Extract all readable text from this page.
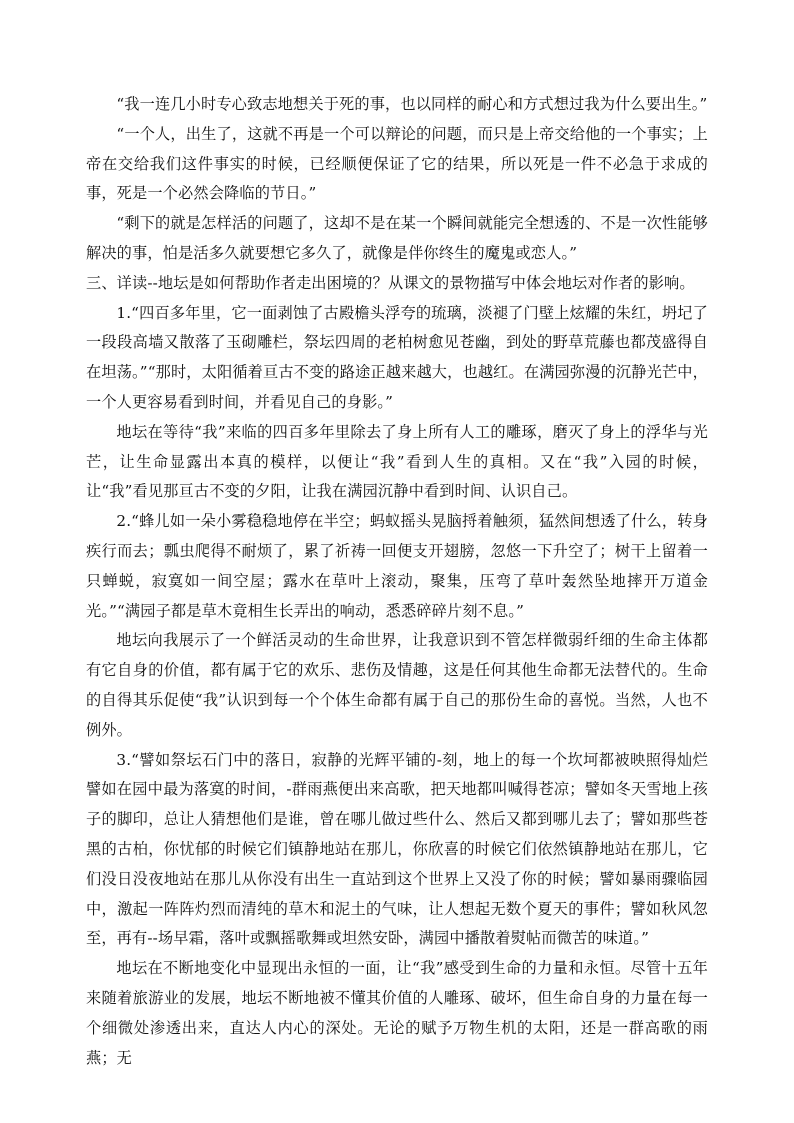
“我一连几小时专心致志地想关于死的事，也以同样的耐心和方式想过我为什么要出生。”

“一个人，出生了，这就不再是一个可以辩论的问题，而只是上帝交给他的一个事实；上帝在交给我们这件事实的时候，已经顺便保证了它的结果，所以死是一件不必急于求成的事，死是一个必然会降临的节日。”

“剩下的就是怎样活的问题了，这却不是在某一个瞬间就能完全想透的、不是一次性能够解决的事，怕是活多久就要想它多久了，就像是伴你终生的魔鬼或恋人。”

三、详读--地坛是如何帮助作者走出困境的？从课文的景物描写中体会地坛对作者的影响。

1.“四百多年里，它一面剥蚀了古殿檐头浮夸的琉璃，淡褪了门壁上炫耀的朱红，坍圮了一段段高墙又散落了玉砌雕栏，祭坛四周的老柏树愈见苍幽，到处的野草荒藤也都茂盛得自在坦荡。”“那时，太阳循着亘古不变的路途正越来越大，也越红。在满园弥漫的沉静光芒中，一个人更容易看到时间，并看见自己的身影。”

地坛在等待“我”来临的四百多年里除去了身上所有人工的雕琢，磨灭了身上的浮华与光芒，让生命显露出本真的模样，以便让“我”看到人生的真相。又在“我”入园的时候，让“我”看见那亘古不变的夕阳，让我在满园沉静中看到时间、认识自己。

2.“蜂儿如一朵小雾稳稳地停在半空；蚂蚁摇头晃脑捋着触须，猛然间想透了什么，转身疾行而去；瓢虫爬得不耐烦了，累了祈祷一回便支开翅膀，忽悠一下升空了；树干上留着一只蝉蜕，寂寞如一间空屋；露水在草叶上滚动，聚集，压弯了草叶轰然坠地摔开万道金光。”“满园子都是草木竟相生长弄出的响动，悉悉碎碎片刻不息。”

地坛向我展示了一个鲜活灵动的生命世界，让我意识到不管怎样微弱纤细的生命主体都有它自身的价值，都有属于它的欢乐、悲伤及情趣，这是任何其他生命都无法替代的。生命的自得其乐促使“我”认识到每一个个体生命都有属于自己的那份生命的喜悦。当然，人也不例外。

3.“譬如祭坛石门中的落日，寂静的光辉平铺的-刻，地上的每一个坎坷都被映照得灿烂譬如在园中最为落寞的时间，-群雨燕便出来高歌，把天地都叫喊得苍凉；譬如冬天雪地上孩子的脚印，总让人猜想他们是谁，曾在哪儿做过些什么、然后又都到哪儿去了；譬如那些苍黑的古柏，你忧郁的时候它们镇静地站在那儿，你欣喜的时候它们依然镇静地站在那儿，它们没日没夜地站在那儿从你没有出生一直站到这个世界上又没了你的时候；譬如暴雨骤临园中，激起一阵阵灼烈而清纯的草木和泥土的气味，让人想起无数个夏天的事件；譬如秋风忽至，再有--场早霜，落叶或飘摇歌舞或坦然安卧，满园中播散着熨帖而微苦的味道。”

地坛在不断地变化中显现出永恒的一面，让“我”感受到生命的力量和永恒。尽管十五年来随着旅游业的发展，地坛不断地被不懂其价值的人雕琢、破坏，但生命自身的力量在每一个细微处渗透出来，直达人内心的深处。无论的赋予万物生机的太阳，还是一群高歌的雨燕；无
